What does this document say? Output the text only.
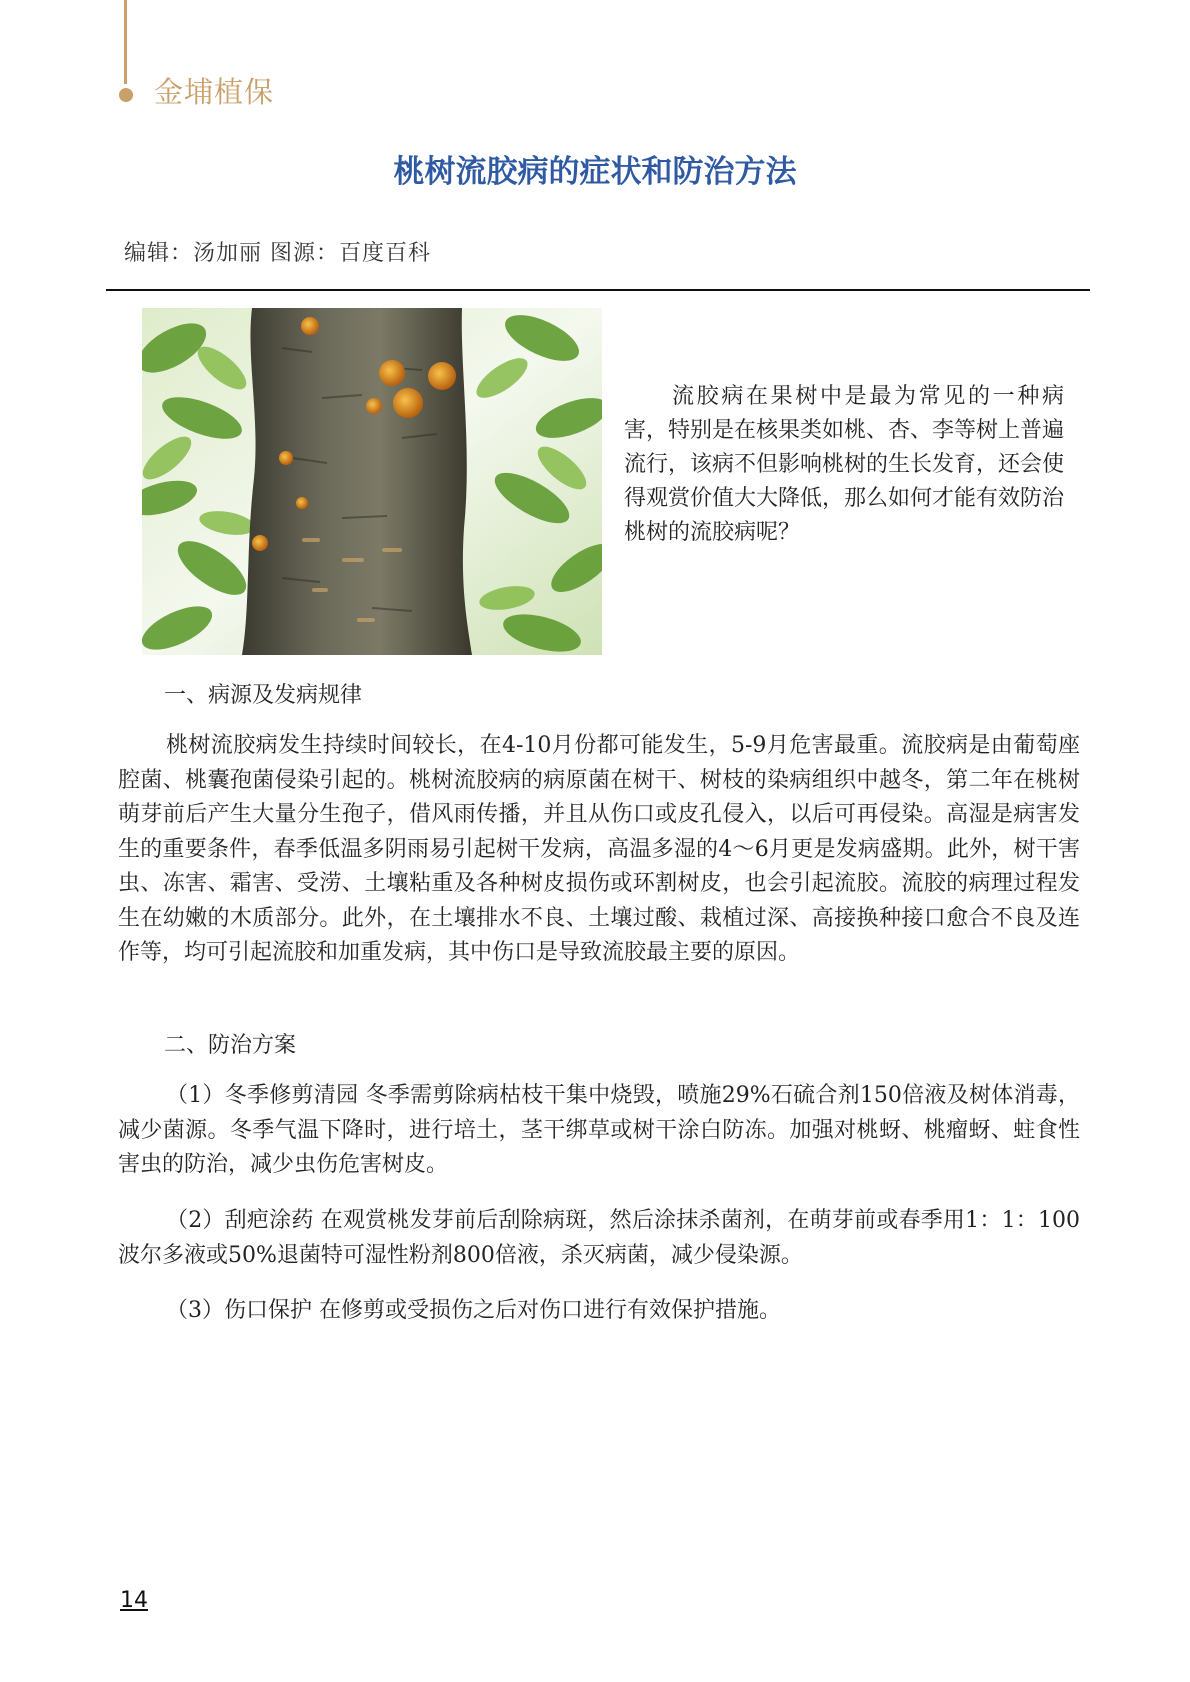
金埔植保
桃树流胶病的症状和防治方法
编辑：汤加丽 图源：百度百科

流胶病在果树中是最为常见的一种病害，特别是在核果类如桃、杏、李等树上普遍流行，该病不但影响桃树的生长发育，还会使得观赏价值大大降低，那么如何才能有效防治桃树的流胶病呢？

一、病源及发病规律

桃树流胶病发生持续时间较长，在4-10月份都可能发生，5-9月危害最重。流胶病是由葡萄座腔菌、桃囊孢菌侵染引起的。桃树流胶病的病原菌在树干、树枝的染病组织中越冬，第二年在桃树萌芽前后产生大量分生孢子，借风雨传播，并且从伤口或皮孔侵入，以后可再侵染。高湿是病害发生的重要条件，春季低温多阴雨易引起树干发病，高温多湿的4～6月更是发病盛期。此外，树干害虫、冻害、霜害、受涝、土壤粘重及各种树皮损伤或环割树皮，也会引起流胶。流胶的病理过程发生在幼嫩的木质部分。此外，在土壤排水不良、土壤过酸、栽植过深、高接换种接口愈合不良及连作等，均可引起流胶和加重发病，其中伤口是导致流胶最主要的原因。

二、防治方案

（1）冬季修剪清园 冬季需剪除病枯枝干集中烧毁，喷施29%石硫合剂150倍液及树体消毒，减少菌源。冬季气温下降时，进行培土，茎干绑草或树干涂白防冻。加强对桃蚜、桃瘤蚜、蛀食性害虫的防治，减少虫伤危害树皮。

（2）刮疤涂药 在观赏桃发芽前后刮除病斑，然后涂抹杀菌剂，在萌芽前或春季用1：1：100波尔多液或50%退菌特可湿性粉剂800倍液，杀灭病菌，减少侵染源。

（3）伤口保护 在修剪或受损伤之后对伤口进行有效保护措施。

14
